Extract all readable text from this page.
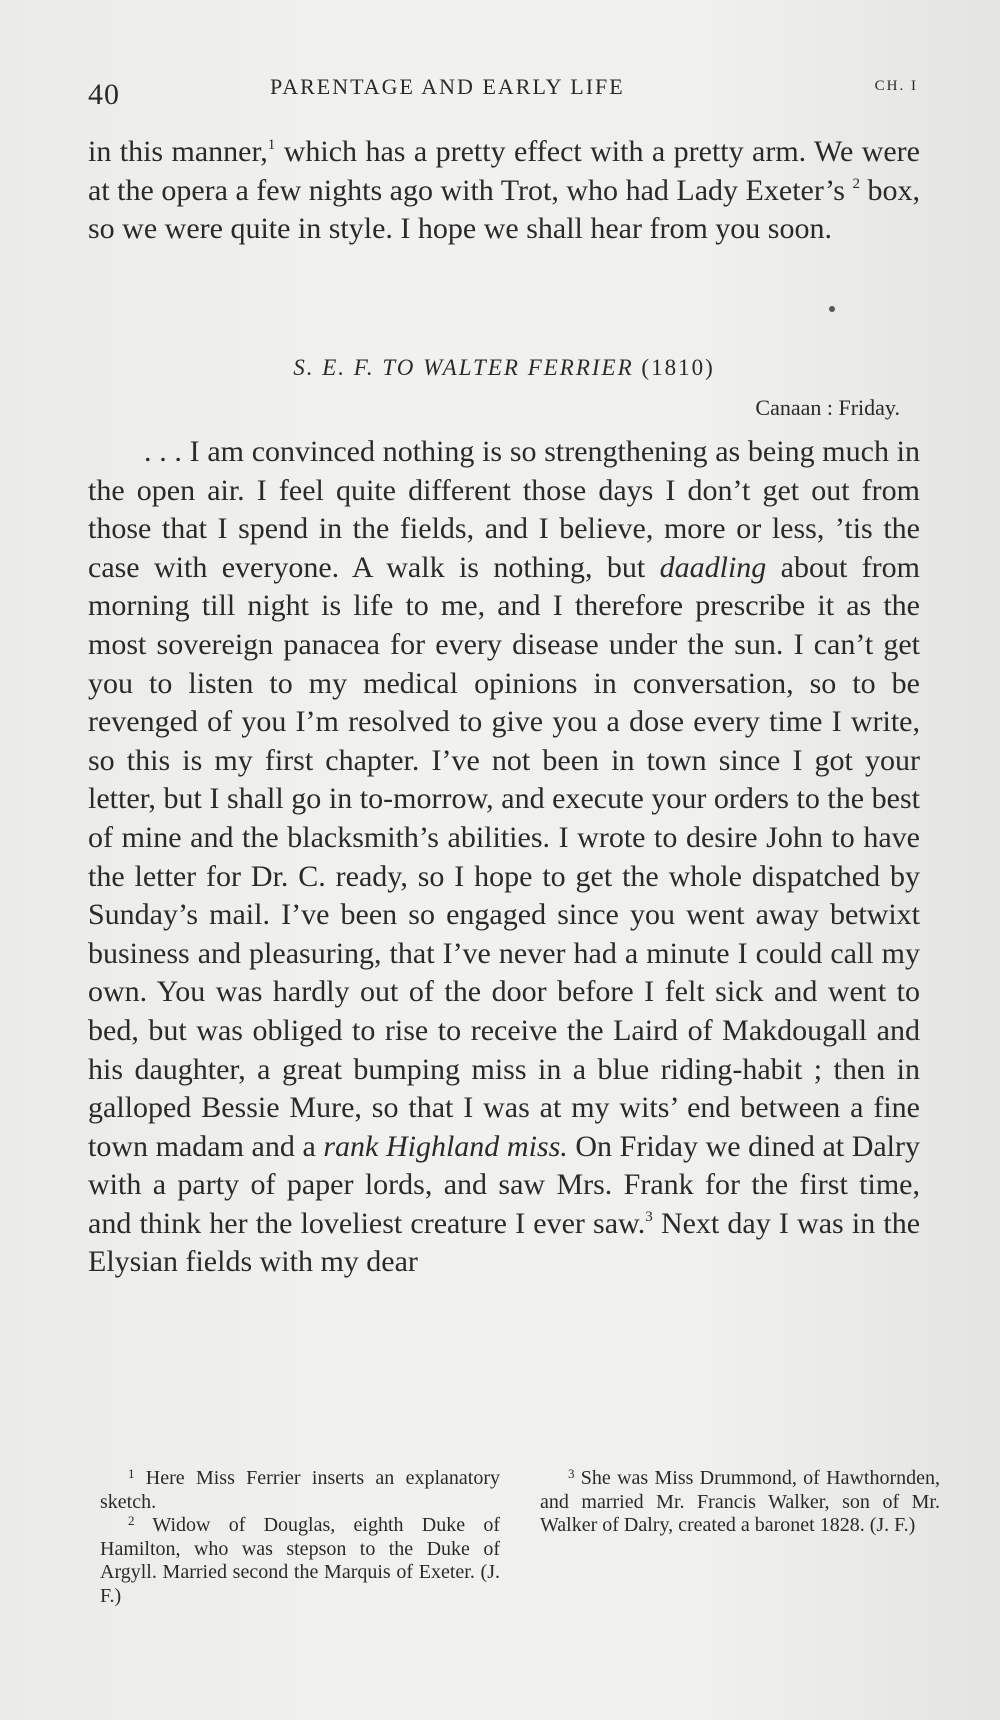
40	PARENTAGE AND EARLY LIFE	CH. I

in this manner,$^1$ which has a pretty effect with a pretty arm. We were at the opera a few nights ago with Trot, who had Lady Exeter’s $^2$ box, so we were quite in style. I hope we shall hear from you soon.

S. E. F. TO WALTER FERRIER (1810)
Canaan : Friday.

. . . I am convinced nothing is so strengthening as being much in the open air. I feel quite different those days I don’t get out from those that I spend in the fields, and I believe, more or less, ’tis the case with everyone. A walk is nothing, but daadling about from morning till night is life to me, and I therefore prescribe it as the most sovereign panacea for every disease under the sun. I can’t get you to listen to my medical opinions in conversation, so to be revenged of you I’m resolved to give you a dose every time I write, so this is my first chapter. I’ve not been in town since I got your letter, but I shall go in to-morrow, and execute your orders to the best of mine and the blacksmith’s abilities. I wrote to desire John to have the letter for Dr. C. ready, so I hope to get the whole dispatched by Sunday’s mail. I’ve been so engaged since you went away betwixt business and pleasuring, that I’ve never had a minute I could call my own. You was hardly out of the door before I felt sick and went to bed, but was obliged to rise to receive the Laird of Makdougall and his daughter, a great bumping miss in a blue riding-habit ; then in galloped Bessie Mure, so that I was at my wits’ end between a fine town madam and a rank Highland miss. On Friday we dined at Dalry with a party of paper lords, and saw Mrs. Frank for the first time, and think her the loveliest creature I ever saw.$^3$ Next day I was in the Elysian fields with my dear

$^1$ Here Miss Ferrier inserts an explanatory sketch.

$^2$ Widow of Douglas, eighth Duke of Hamilton, who was stepson to the Duke of Argyll. Married second the Marquis of Exeter. (J. F.)

$^3$ She was Miss Drummond, of Hawthornden, and married Mr. Francis Walker, son of Mr. Walker of Dalry, created a baronet 1828. (J. F.)
